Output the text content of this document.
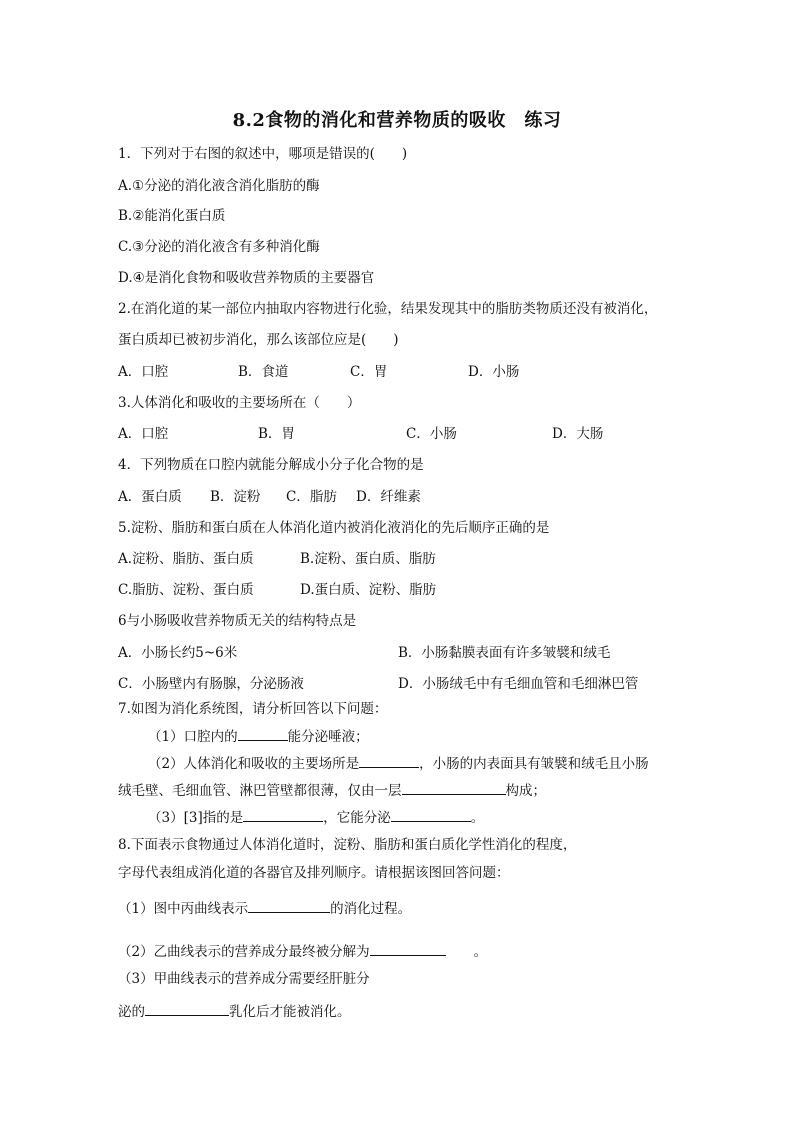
8.2食物的消化和营养物质的吸收　练习
1．下列对于右图的叙述中，哪项是错误的(　　)
A.①分泌的消化液含消化脂肪的酶
B.②能消化蛋白质
C.③分泌的消化液含有多种消化酶
D.④是消化食物和吸收营养物质的主要器官
2.在消化道的某一部位内抽取内容物进行化验，结果发现其中的脂肪类物质还没有被消化，
蛋白质却已被初步消化，那么该部位应是(　　)
A．口腔	B．食道	C．胃	D．小肠
3.人体消化和吸收的主要场所在（　　）
A．口腔	B．胃	C．小肠	D．大肠
4．下列物质在口腔内就能分解成小分子化合物的是
A．蛋白质 B．淀粉 C．脂肪 D．纤维素
5.淀粉、脂肪和蛋白质在人体消化道内被消化液消化的先后顺序正确的是
A.淀粉、脂肪、蛋白质	B.淀粉、蛋白质、脂肪
C.脂肪、淀粉、蛋白质	D.蛋白质、淀粉、脂肪
6与小肠吸收营养物质无关的结构特点是
A．小肠长约5~6米	B．小肠黏膜表面有许多皱襞和绒毛
C．小肠壁内有肠腺，分泌肠液	D．小肠绒毛中有毛细血管和毛细淋巴管
7.如图为消化系统图，请分析回答以下问题：
（1）口腔内的	能分泌唾液；
（2）人体消化和吸收的主要场所是	，小肠的内表面具有皱襞和绒毛且小肠
绒毛壁、毛细血管、淋巴管壁都很薄，仅由一层	构成；
（3）[3]指的是	，它能分泌	。
8.下面表示食物通过人体消化道时，淀粉、脂肪和蛋白质化学性消化的程度，
字母代表组成消化道的各器官及排列顺序。请根据该图回答问题：
（1）图中丙曲线表示	的消化过程。
（2）乙曲线表示的营养成分最终被分解为	。
（3）甲曲线表示的营养成分需要经肝脏分
泌的	乳化后才能被消化。
